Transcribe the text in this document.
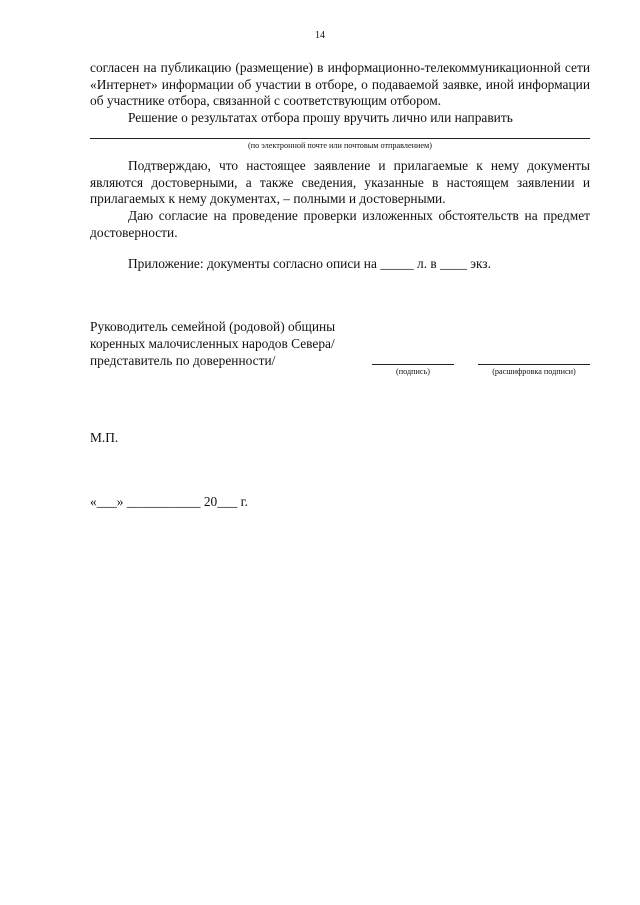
14
согласен на публикацию (размещение) в информационно-телекоммуникационной сети «Интернет» информации об участии в отборе, о подаваемой заявке, иной информации об участнике отбора, связанной с соответствующим отбором.
Решение о результатах отбора прошу вручить лично или направить
(по электронной почте или почтовым отправлением)
Подтверждаю, что настоящее заявление и прилагаемые к нему документы являются достоверными, а также сведения, указанные в настоящем заявлении и прилагаемых к нему документах, – полными и достоверными.
Даю согласие на проведение проверки изложенных обстоятельств на предмет достоверности.
Приложение: документы согласно описи на _____ л. в ____ экз.
Руководитель семейной (родовой) общины
коренных малочисленных народов Севера/
представитель по доверенности/
(подпись)	(расшифровка подписи)
М.П.
«___» ___________ 20___ г.
